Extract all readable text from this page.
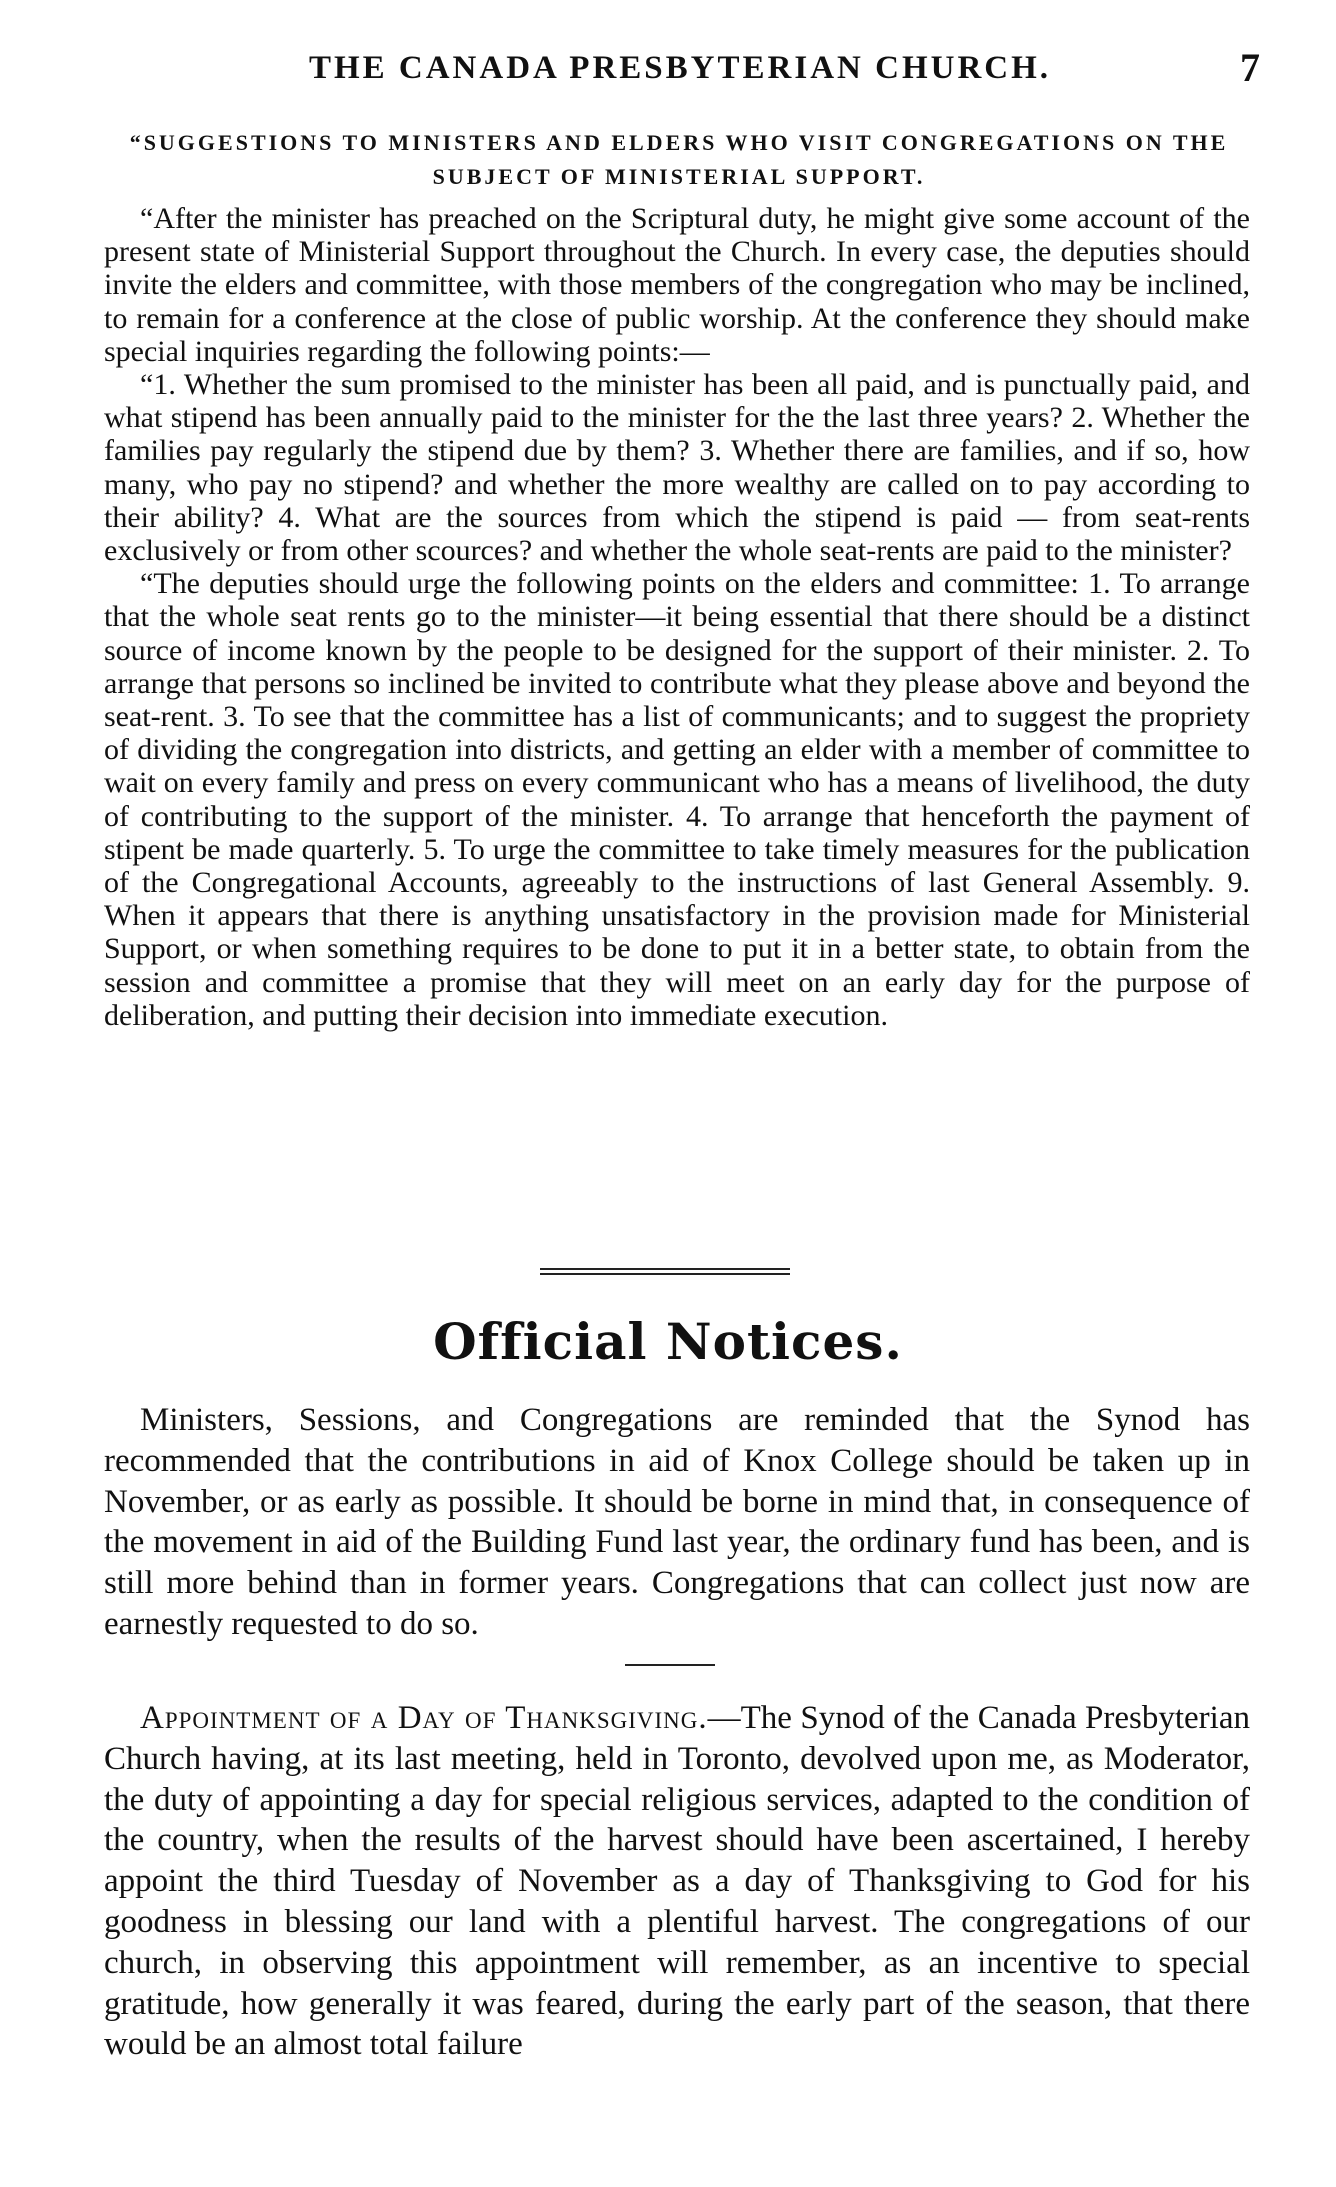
THE CANADA PRESBYTERIAN CHURCH.	7
“SUGGESTIONS TO MINISTERS AND ELDERS WHO VISIT CONGREGATIONS ON THE SUBJECT OF MINISTERIAL SUPPORT.

“After the minister has preached on the Scriptural duty, he might give some account of the present state of Ministerial Support throughout the Church. In every case, the deputies should invite the elders and committee, with those members of the congregation who may be inclined, to remain for a conference at the close of public worship. At the conference they should make special inquiries regarding the following points:—

“1. Whether the sum promised to the minister has been all paid, and is punctually paid, and what stipend has been annually paid to the minister for the the last three years? 2. Whether the families pay regularly the stipend due by them? 3. Whether there are families, and if so, how many, who pay no stipend? and whether the more wealthy are called on to pay according to their ability? 4. What are the sources from which the stipend is paid — from seat-rents exclusively or from other scources? and whether the whole seat-rents are paid to the minister?

“The deputies should urge the following points on the elders and committee: 1. To arrange that the whole seat rents go to the minister—it being essential that there should be a distinct source of income known by the people to be designed for the support of their minister. 2. To arrange that persons so inclined be invited to contribute what they please above and beyond the seat-rent. 3. To see that the committee has a list of communicants; and to suggest the propriety of dividing the congregation into districts, and getting an elder with a member of committee to wait on every family and press on every communicant who has a means of livelihood, the duty of contributing to the support of the minister. 4. To arrange that henceforth the payment of stipent be made quarterly. 5. To urge the committee to take timely measures for the publication of the Congregational Accounts, agreeably to the instructions of last General Assembly. 9. When it appears that there is anything unsatisfactory in the provision made for Ministerial Support, or when something requires to be done to put it in a better state, to obtain from the session and committee a promise that they will meet on an early day for the purpose of deliberation, and putting their decision into immediate execution.

Official Notices.

Ministers, Sessions, and Congregations are reminded that the Synod has recommended that the contributions in aid of Knox College should be taken up in November, or as early as possible. It should be borne in mind that, in consequence of the movement in aid of the Building Fund last year, the ordinary fund has been, and is still more behind than in former years. Congregations that can collect just now are earnestly requested to do so.

Appointment of a Day of Thanksgiving.—The Synod of the Canada Presbyterian Church having, at its last meeting, held in Toronto, devolved upon me, as Moderator, the duty of appointing a day for special religious services, adapted to the condition of the country, when the results of the harvest should have been ascertained, I hereby appoint the third Tuesday of November as a day of Thanksgiving to God for his goodness in blessing our land with a plentiful harvest. The congregations of our church, in observing this appointment will remember, as an incentive to special gratitude, how generally it was feared, during the early part of the season, that there would be an almost total failure
